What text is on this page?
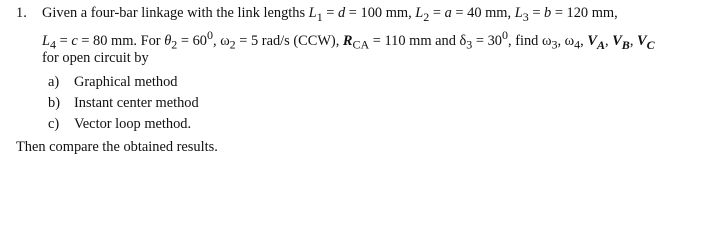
1. Given a four-bar linkage with the link lengths $L_1 = d = 100$ mm, $L_2 = a = 40$ mm, $L_3 = b = 120$ mm,
$L_4 = c = 80$ mm. For $\theta_2 = 60^0$, $\omega_2 = 5$ rad/s (CCW), $R_{CA} = 110$ mm and $\delta_3 = 30^0$, find $\omega_3$, $\omega_4$, $V_A$, $V_B$, $V_C$
for open circuit by
a) Graphical method
b) Instant center method
c) Vector loop method.
Then compare the obtained results.
